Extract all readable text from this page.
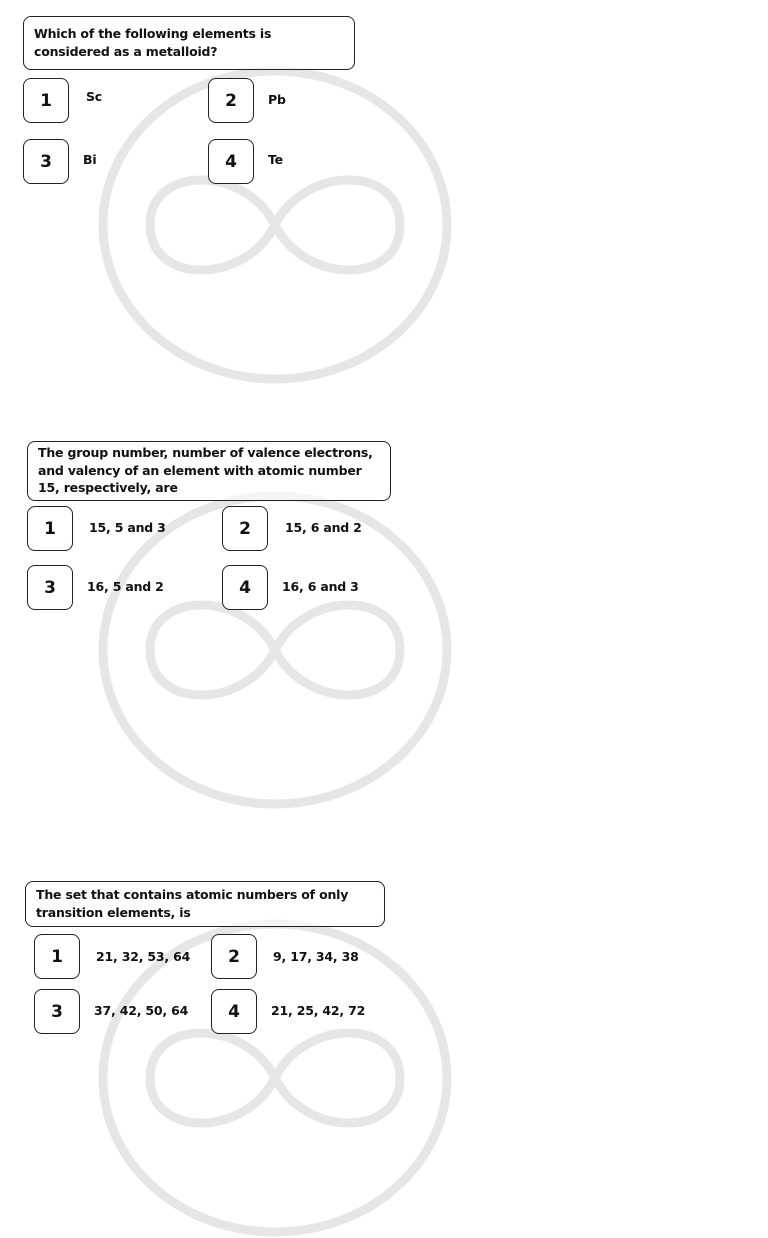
Which of the following elements is considered as a metalloid?
1	Sc	2 Pb
3 Bi	4 Te
The group number, number of valence electrons, and valency of an element with atomic number 15, respectively, are
1	15, 5 and 3	2	15, 6 and 2
3 16, 5 and 2	4 16, 6 and 3
The set that contains atomic numbers of only transition elements, is
1	21, 32, 53, 64 2	9, 17, 34, 38
3 37, 42, 50, 64 4 21, 25, 42, 72
